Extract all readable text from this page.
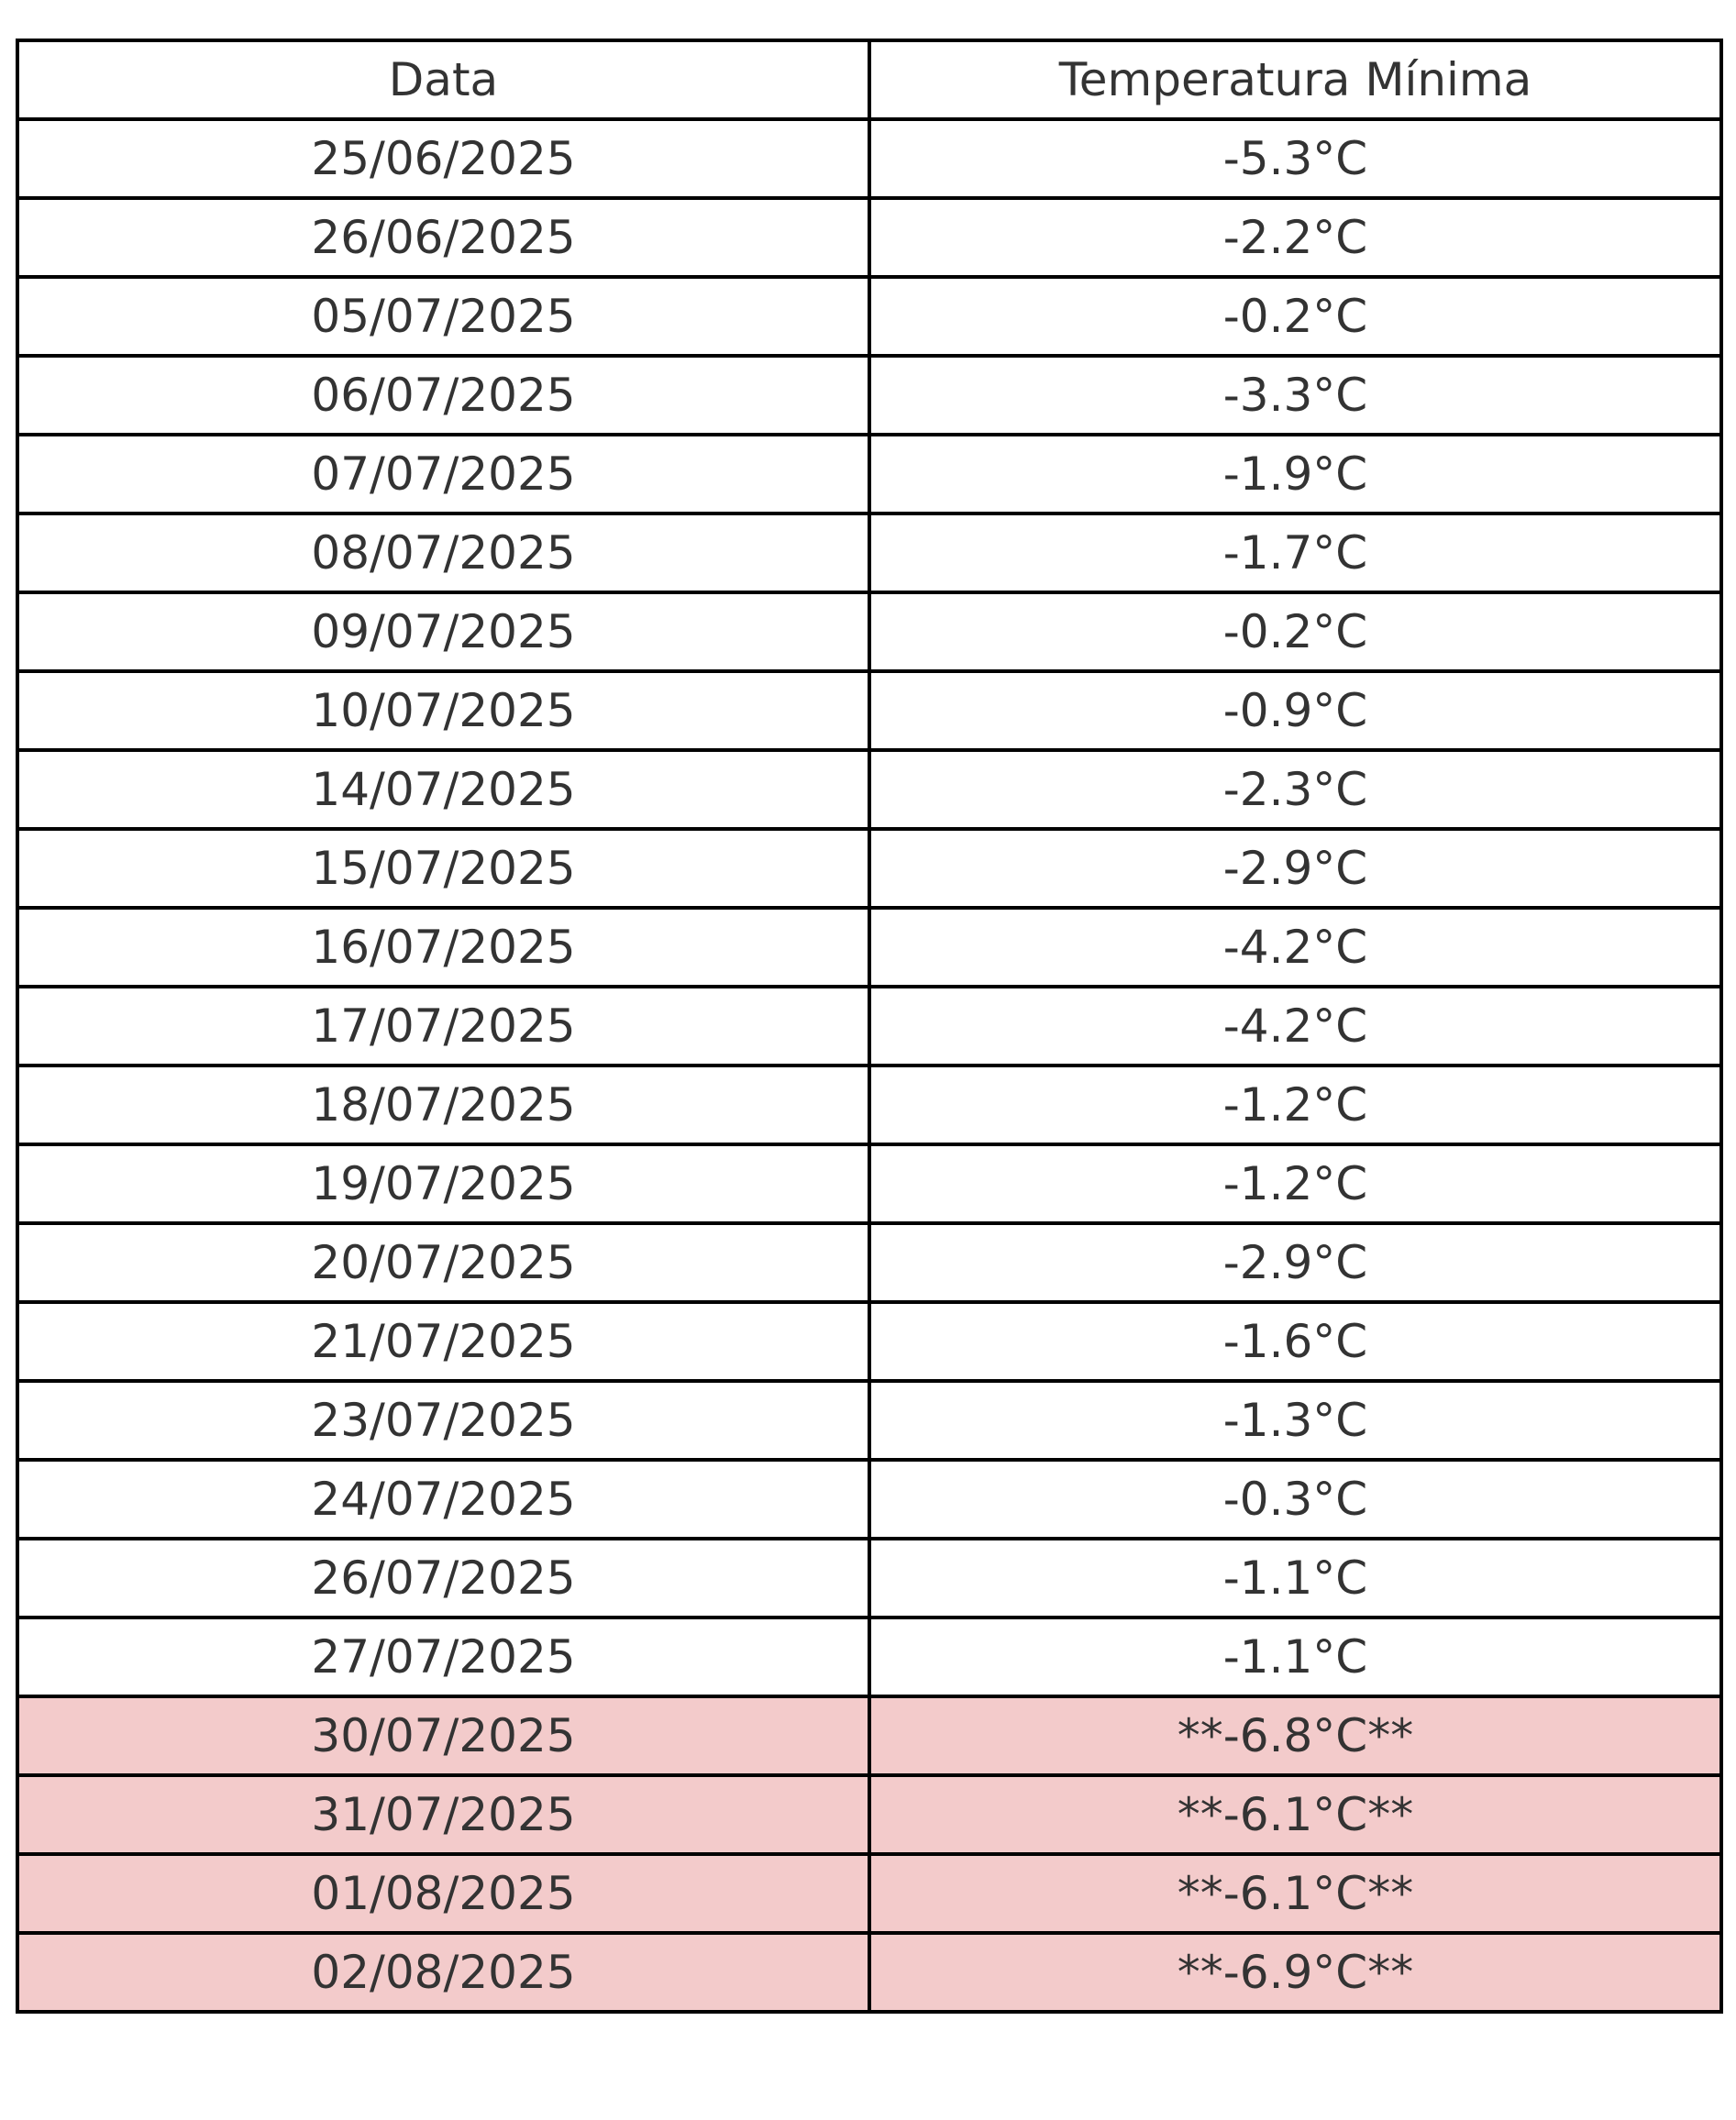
Data	Temperatura Mínima
25/06/2025	-5.3°C
26/06/2025	-2.2°C
05/07/2025	-0.2°C
06/07/2025	-3.3°C
07/07/2025	-1.9°C
08/07/2025	-1.7°C
09/07/2025	-0.2°C
10/07/2025	-0.9°C
14/07/2025	-2.3°C
15/07/2025	-2.9°C
16/07/2025	-4.2°C
17/07/2025	-4.2°C
18/07/2025	-1.2°C
19/07/2025	-1.2°C
20/07/2025	-2.9°C
21/07/2025	-1.6°C
23/07/2025	-1.3°C
24/07/2025	-0.3°C
26/07/2025	-1.1°C
27/07/2025	-1.1°C
30/07/2025	**-6.8°C**
31/07/2025	**-6.1°C**
01/08/2025	**-6.1°C**
02/08/2025	**-6.9°C**
